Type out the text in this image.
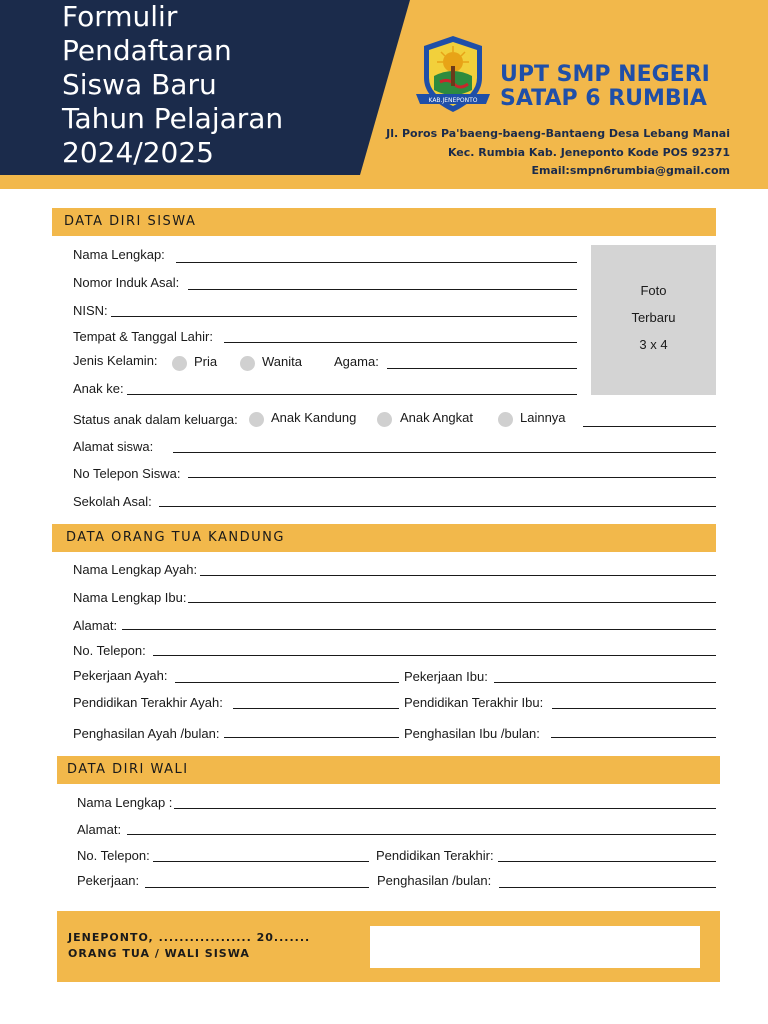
Formulir
Pendaftaran
Siswa Baru
Tahun Pelajaran
2024/2025
KAB.JENEPONTO
UPT SMP NEGERI
SATAP 6 RUMBIA
Jl. Poros Pa'baeng-baeng-Bantaeng Desa Lebang Manai
Kec. Rumbia Kab. Jeneponto Kode POS 92371
Email:smpn6rumbia@gmail.com
DATA DIRI SISWA
Nama Lengkap:
Nomor Induk Asal:
NISN:
Tempat & Tanggal Lahir:
Jenis Kelamin:	Pria	Wanita Agama:
Anak ke:
Foto
Terbaru
3 x 4
Status anak dalam keluarga:	Anak Kandung	Anak Angkat	Lainnya
Alamat siswa:
No Telepon Siswa:
Sekolah Asal:
DATA ORANG TUA KANDUNG
Nama Lengkap Ayah:
Nama Lengkap Ibu:
Alamat:
No. Telepon:
Pekerjaan Ayah:	Pekerjaan Ibu:
Pendidikan Terakhir Ayah:	Pendidikan Terakhir Ibu:
Penghasilan Ayah /bulan:	Penghasilan Ibu /bulan:
DATA DIRI WALI
Nama Lengkap :
Alamat:
No. Telepon:	Pendidikan Terakhir:
Pekerjaan:	Penghasilan /bulan:
JENEPONTO, .................. 20.......
ORANG TUA / WALI SISWA
